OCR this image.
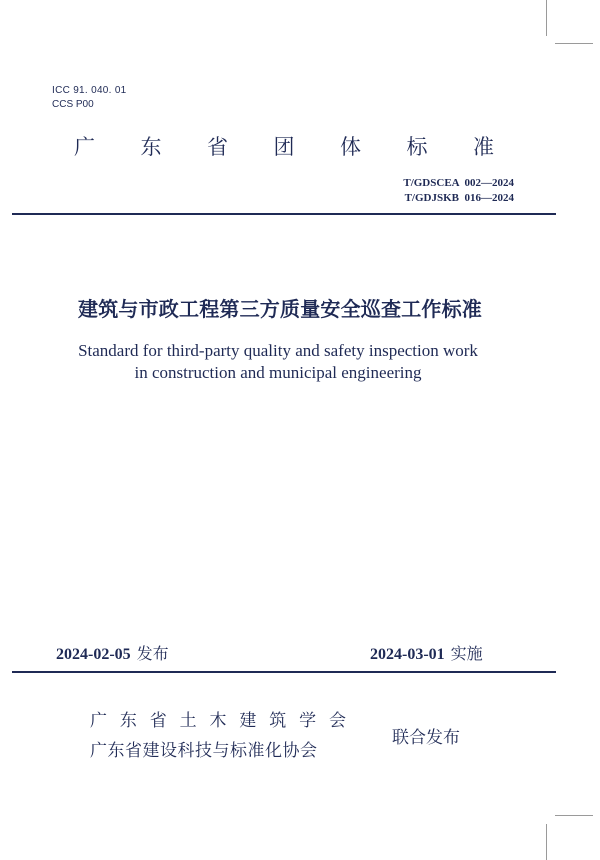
ICC 91. 040. 01
CCS P00
广 东 省 团 体 标 准
T/GDSCEA  002—2024
T/GDJSKB  016—2024
建筑与市政工程第三方质量安全巡查工作标准
Standard for third-party quality and safety inspection work
in construction and municipal engineering
2024-02-05 发布	2024-03-01 实施
广 东 省 土 木 建 筑 学 会
广东省建设科技与标准化协会
联合发布
